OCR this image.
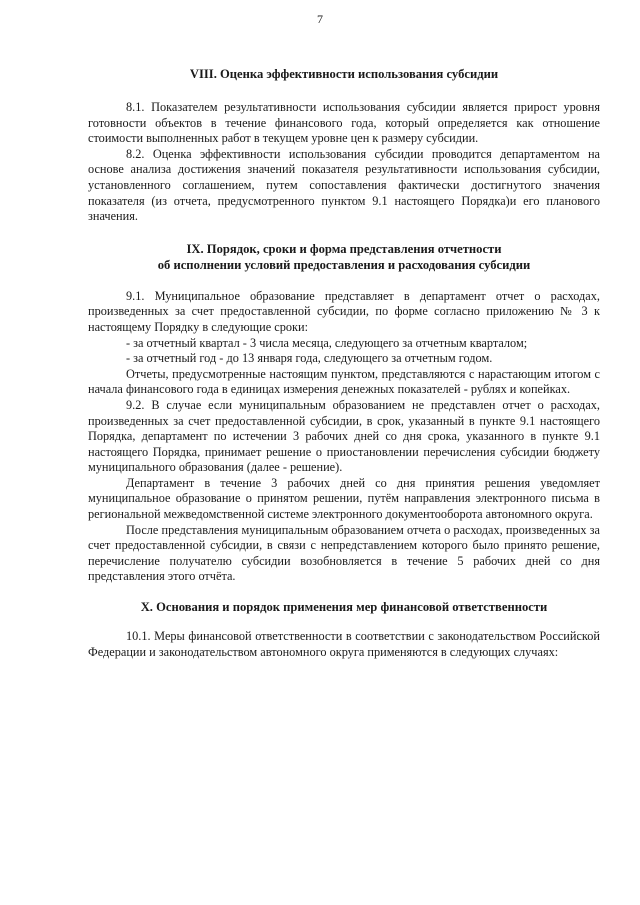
7
VIII. Оценка эффективности использования субсидии

8.1. Показателем результативности использования субсидии является прирост уровня готовности объектов в течение финансового года, который определяется как отношение стоимости выполненных работ в текущем уровне цен к размеру субсидии.

8.2. Оценка эффективности использования субсидии проводится департаментом на основе анализа достижения значений показателя результативности использования субсидии, установленного соглашением, путем сопоставления фактически достигнутого значения показателя (из отчета, предусмотренного пунктом 9.1 настоящего Порядка)и его планового значения.

IX. Порядок, сроки и форма представления отчетности
об исполнении условий предоставления и расходования субсидии

9.1. Муниципальное образование представляет в департамент отчет о расходах, произведенных за счет предоставленной субсидии, по форме согласно приложению № 3 к настоящему Порядку в следующие сроки:

- за отчетный квартал - 3 числа месяца, следующего за отчетным кварталом;

- за отчетный год - до 13 января года, следующего за отчетным годом.

Отчеты, предусмотренные настоящим пунктом, представляются с нарастающим итогом с начала финансового года в единицах измерения денежных показателей - рублях и копейках.

9.2. В случае если муниципальным образованием не представлен отчет о расходах, произведенных за счет предоставленной субсидии, в срок, указанный в пункте 9.1 настоящего Порядка, департамент по истечении 3 рабочих дней со дня срока, указанного в пункте 9.1 настоящего Порядка, принимает решение о приостановлении перечисления субсидии бюджету муниципального образования (далее - решение).

Департамент в течение 3 рабочих дней со дня принятия решения уведомляет муниципальное образование о принятом решении, путём направления электронного письма в региональной межведомственной системе электронного документооборота автономного округа.

После представления муниципальным образованием отчета о расходах, произведенных за счет предоставленной субсидии, в связи с непредставлением которого было принято решение, перечисление получателю субсидии возобновляется в течение 5 рабочих дней со дня представления этого отчёта.

X. Основания и порядок применения мер финансовой ответственности

10.1. Меры финансовой ответственности в соответствии с законодательством Российской Федерации и законодательством автономного округа применяются в следующих случаях:
